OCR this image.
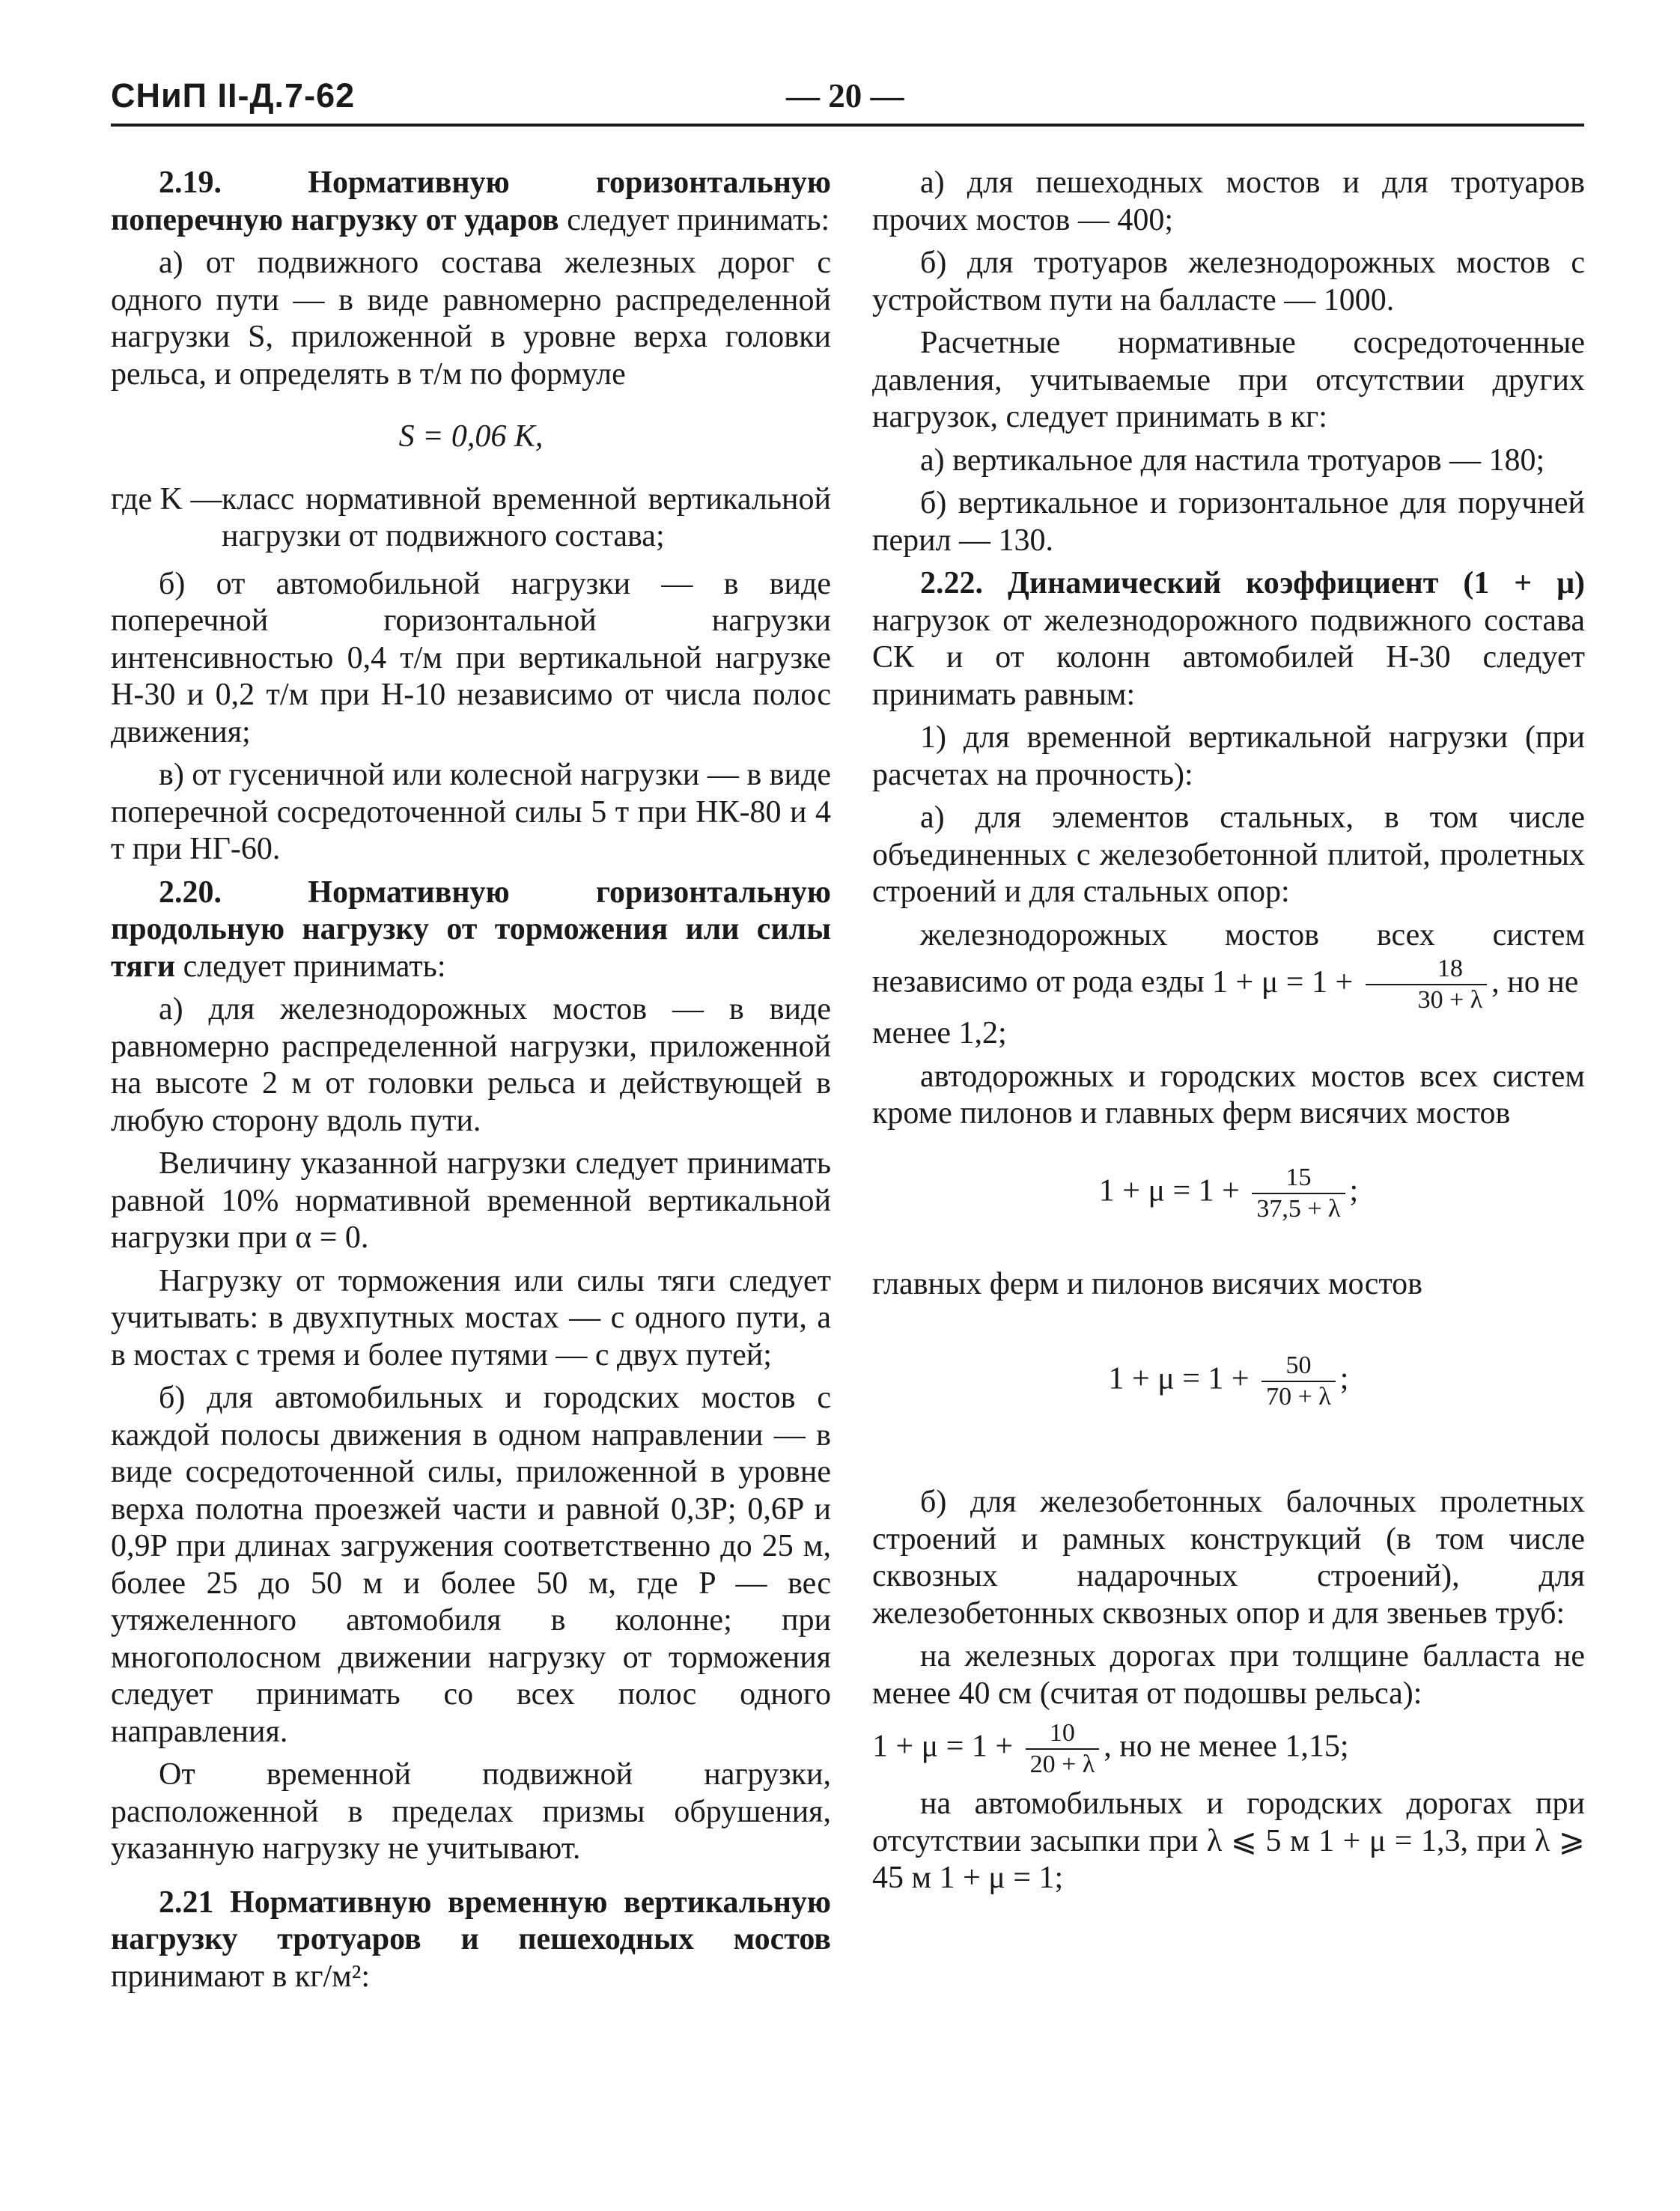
СНиП II-Д.7-62	— 20 —

2.19. Нормативную горизонтальную поперечную нагрузку от ударов следует принимать:

а) от подвижного состава железных дорог с одного пути — в виде равномерно распределенной нагрузки S, приложенной в уровне верха головки рельса, и определять в т/м по формуле

S = 0,06 K,

где K — класс нормативной временной вертикальной нагрузки от подвижного состава;

б) от автомобильной нагрузки — в виде поперечной горизонтальной нагрузки интенсивностью 0,4 т/м при вертикальной нагрузке Н-30 и 0,2 т/м при Н-10 независимо от числа полос движения;

в) от гусеничной или колесной нагрузки — в виде поперечной сосредоточенной силы 5 т при НК-80 и 4 т при НГ-60.

2.20. Нормативную горизонтальную продольную нагрузку от торможения или силы тяги следует принимать:

а) для железнодорожных мостов — в виде равномерно распределенной нагрузки, приложенной на высоте 2 м от головки рельса и действующей в любую сторону вдоль пути.

Величину указанной нагрузки следует принимать равной 10% нормативной временной вертикальной нагрузки при α = 0.

Нагрузку от торможения или силы тяги следует учитывать: в двухпутных мостах — с одного пути, а в мостах с тремя и более путями — с двух путей;

б) для автомобильных и городских мостов с каждой полосы движения в одном направлении — в виде сосредоточенной силы, приложенной в уровне верха полотна проезжей части и равной 0,3P; 0,6P и 0,9P при длинах загружения соответственно до 25 м, более 25 до 50 м и более 50 м, где P — вес утяжеленного автомобиля в колонне; при многополосном движении нагрузку от торможения следует принимать со всех полос одного направления.

От временной подвижной нагрузки, расположенной в пределах призмы обрушения, указанную нагрузку не учитывают.

2.21 Нормативную временную вертикальную нагрузку тротуаров и пешеходных мостов принимают в кг/м²:

а) для пешеходных мостов и для тротуаров прочих мостов — 400;

б) для тротуаров железнодорожных мостов с устройством пути на балласте — 1000.

Расчетные нормативные сосредоточенные давления, учитываемые при отсутствии других нагрузок, следует принимать в кг:

а) вертикальное для настила тротуаров — 180;

б) вертикальное и горизонтальное для поручней перил — 130.

2.22. Динамический коэффициент (1 + μ) нагрузок от железнодорожного подвижного состава СК и от колонн автомобилей Н-30 следует принимать равным:

1) для временной вертикальной нагрузки (при расчетах на прочность):

а) для элементов стальных, в том числе объединенных с железобетонной плитой, пролетных строений и для стальных опор:

железнодорожных мостов всех систем независимо от рода езды $1 + \mu = 1 + \frac{18}{30 + \lambda}$ , но не

менее 1,2;

автодорожных и городских мостов всех систем кроме пилонов и главных ферм висячих мостов

$1 + \mu = 1 + \frac{15}{37,5 + \lambda}$ ;

главных ферм и пилонов висячих мостов

$1 + \mu = 1 + \frac{50}{70 + \lambda}$ ;

б) для железобетонных балочных пролетных строений и рамных конструкций (в том числе сквозных надарочных строений), для железобетонных сквозных опор и для звеньев труб:

на железных дорогах при толщине балласта не менее 40 см (считая от подошвы рельса):

$1 + \mu = 1 + \frac{10}{20 + \lambda}$ , но не менее 1,15;

на автомобильных и городских дорогах при отсутствии засыпки при λ ⩽ 5 м 1 + μ = 1,3, при λ ⩾ 45 м 1 + μ = 1;
